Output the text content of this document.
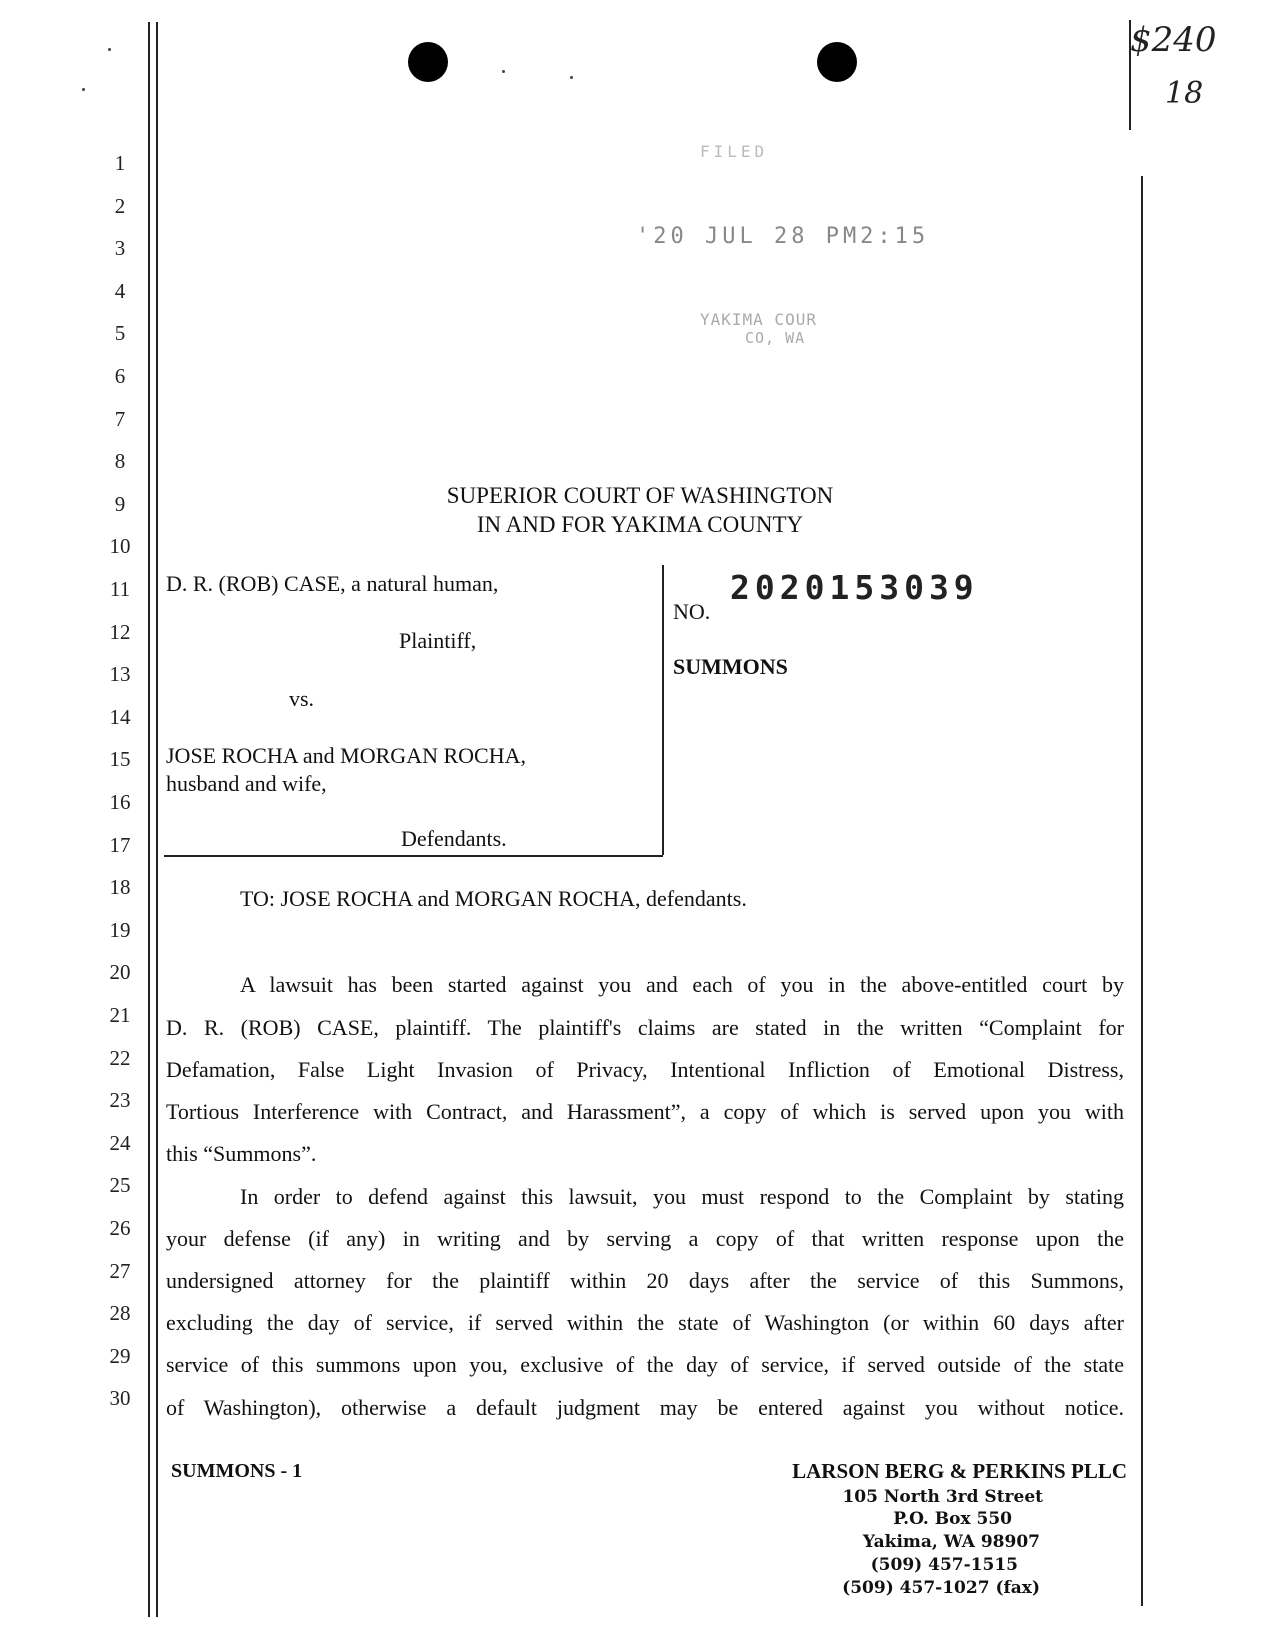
$240
18
FILED
'20 JUL 28 PM2:15
YAKIMA COUR
CO, WA
1
2
3
4
5
6
7
8
9
10
11
12
13
14
15
16
17
18
19
20
21
22
23
24
25
26
27
28
29
30
SUPERIOR COURT OF WASHINGTON
IN AND FOR YAKIMA COUNTY
D. R. (ROB) CASE, a natural human,
Plaintiff,
vs.
JOSE ROCHA and MORGAN ROCHA,
husband and wife,
Defendants.
NO.
2020153039
SUMMONS
TO: JOSE ROCHA and MORGAN ROCHA, defendants.
A lawsuit has been started against you and each of you in the above-entitled court by
D. R. (ROB) CASE, plaintiff. The plaintiff's claims are stated in the written “Complaint for
Defamation, False Light Invasion of Privacy, Intentional Infliction of Emotional Distress,
Tortious Interference with Contract, and Harassment”, a copy of which is served upon you with
this “Summons”.
In order to defend against this lawsuit, you must respond to the Complaint by stating
your defense (if any) in writing and by serving a copy of that written response upon the
undersigned attorney for the plaintiff within 20 days after the service of this Summons,
excluding the day of service, if served within the state of Washington (or within 60 days after
service of this summons upon you, exclusive of the day of service, if served outside of the state
of Washington), otherwise a default judgment may be entered against you without notice.
SUMMONS - 1	LARSON BERG & PERKINS PLLC
105 North 3rd Street
P.O. Box 550
Yakima, WA 98907
(509) 457-1515
(509) 457-1027 (fax)
